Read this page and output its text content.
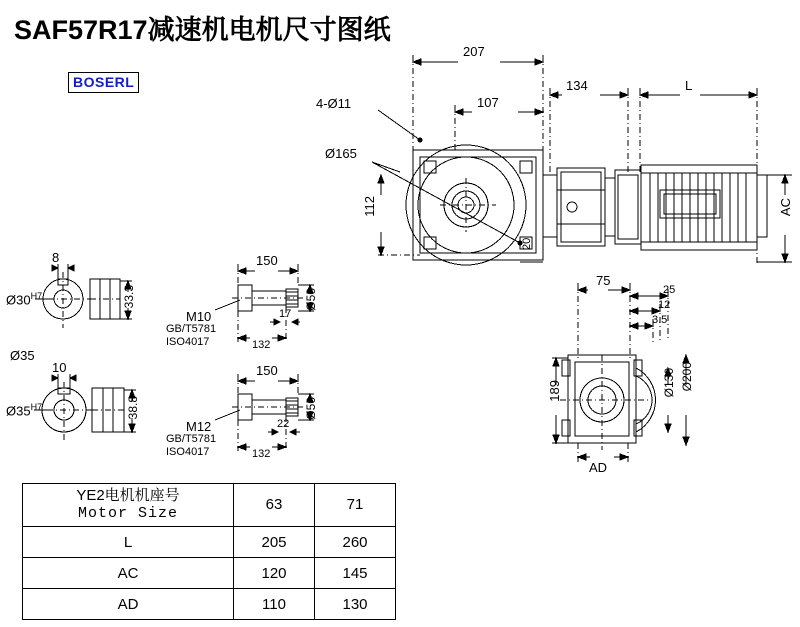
SAF57R17减速机电机尺寸图纸
BOSERL
207
107
134	L
4-Ø11
Ø165
112
20
AC
75
25
12
3.5
189	Ø130 Ø200
AD
8
$Ø30^{H7}$	33.3
Ø35
10
$Ø35^{H7}$	38.8
150
M10
GB/T5781
ISO4017
17
132
Ø50
150
M12
GB/T5781
ISO4017
22
132
Ø50
YE2电机机座号
Motor Size	63	71
L	205	260
AC	120	145
AD	110	130
